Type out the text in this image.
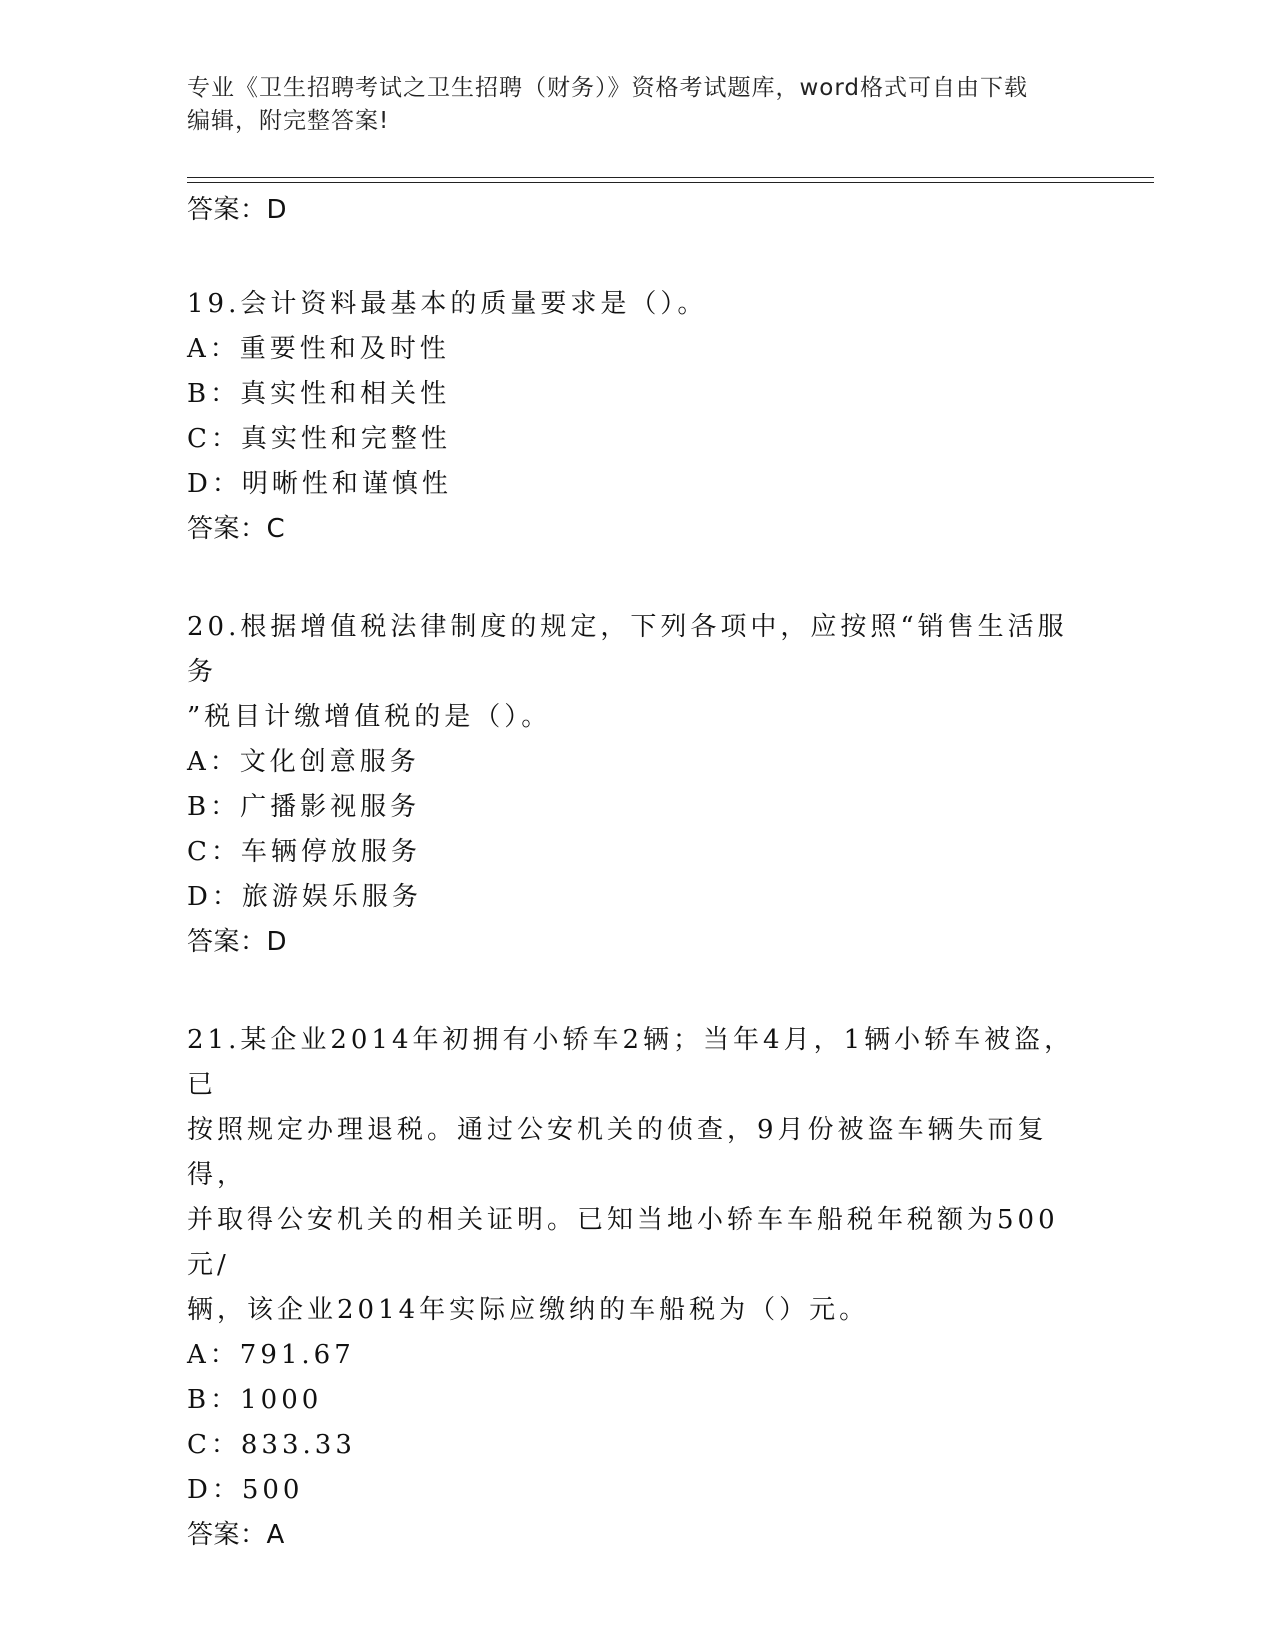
专业《卫生招聘考试之卫生招聘（财务）》资格考试题库，word格式可自由下载
编辑，附完整答案!
答案：D
19.会计资料最基本的质量要求是（）。
A：重要性和及时性
B：真实性和相关性
C：真实性和完整性
D：明晰性和谨慎性
答案：C
20.根据增值税法律制度的规定，下列各项中，应按照“销售生活服务
”税目计缴增值税的是（）。
A：文化创意服务
B：广播影视服务
C：车辆停放服务
D：旅游娱乐服务
答案：D
21.某企业2014年初拥有小轿车2辆；当年4月，1辆小轿车被盗，已
按照规定办理退税。通过公安机关的侦查，9月份被盗车辆失而复得，
并取得公安机关的相关证明。已知当地小轿车车船税年税额为500元/
辆，该企业2014年实际应缴纳的车船税为（）元。
A：791.67
B：1000
C：833.33
D：500
答案：A
